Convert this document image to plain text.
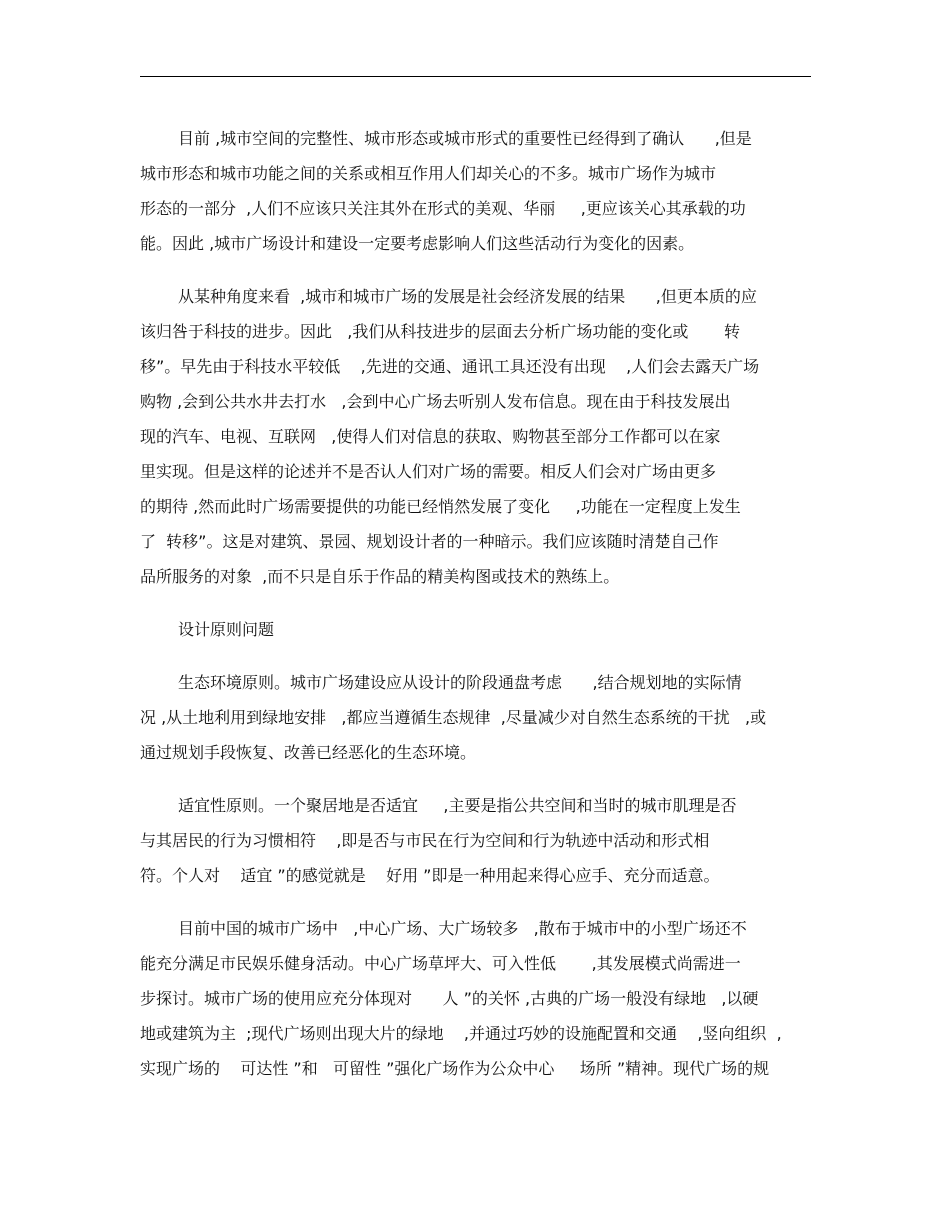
目前 ,城市空间的完整性、城市形态或城市形式的重要性已经得到了确认      ,但是
城市形态和城市功能之间的关系或相互作用人们却关心的不多。城市广场作为城市
形态的一部分  ,人们不应该只关注其外在形式的美观、华丽     ,更应该关心其承载的功
能。因此 ,城市广场设计和建设一定要考虑影响人们这些活动行为变化的因素。
从某种角度来看  ,城市和城市广场的发展是社会经济发展的结果      ,但更本质的应
该归咎于科技的进步。因此   ,我们从科技进步的层面去分析广场功能的变化或       转
移”。早先由于科技水平较低    ,先进的交通、通讯工具还没有出现    ,人们会去露天广场
购物 ,会到公共水井去打水   ,会到中心广场去听别人发布信息。现在由于科技发展出
现的汽车、电视、互联网   ,使得人们对信息的获取、购物甚至部分工作都可以在家
里实现。但是这样的论述并不是否认人们对广场的需要。相反人们会对广场由更多
的期待 ,然而此时广场需要提供的功能已经悄然发展了变化     ,功能在一定程度上发生
了  转移”。这是对建筑、景园、规划设计者的一种暗示。我们应该随时清楚自己作
品所服务的对象  ,而不只是自乐于作品的精美构图或技术的熟练上。
设计原则问题
生态环境原则。城市广场建设应从设计的阶段通盘考虑      ,结合规划地的实际情
况 ,从土地利用到绿地安排   ,都应当遵循生态规律  ,尽量减少对自然生态系统的干扰   ,或
通过规划手段恢复、改善已经恶化的生态环境。
适宜性原则。一个聚居地是否适宜     ,主要是指公共空间和当时的城市肌理是否
与其居民的行为习惯相符    ,即是否与市民在行为空间和行为轨迹中活动和形式相
符。个人对    适宜 ”的感觉就是    好用 ”即是一种用起来得心应手、充分而适意。
目前中国的城市广场中   ,中心广场、大广场较多   ,散布于城市中的小型广场还不
能充分满足市民娱乐健身活动。中心广场草坪大、可入性低       ,其发展模式尚需进一
步探讨。城市广场的使用应充分体现对      人 ”的关怀 ,古典的广场一般没有绿地   ,以硬
地或建筑为主  ;现代广场则出现大片的绿地    ,并通过巧妙的设施配置和交通    ,竖向组织  ,
实现广场的    可达性 ”和   可留性 ”强化广场作为公众中心     场所 ”精神。现代广场的规
